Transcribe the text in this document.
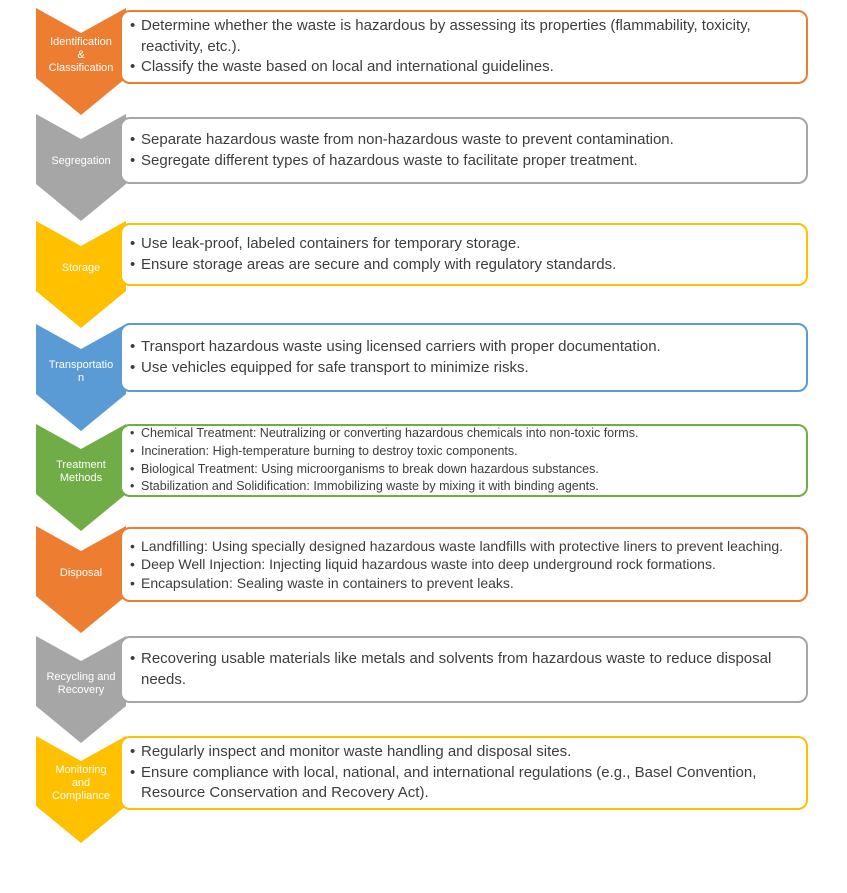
• Determine whether the waste is hazardous by assessing its properties (flammability, toxicity, reactivity, etc.).
• Classify the waste based on local and international guidelines.
Identification & Classification
• Separate hazardous waste from non-hazardous waste to prevent contamination.
• Segregate different types of hazardous waste to facilitate proper treatment.
Segregation
• Use leak-proof, labeled containers for temporary storage.
• Ensure storage areas are secure and comply with regulatory standards.
Storage
• Transport hazardous waste using licensed carriers with proper documentation.
• Use vehicles equipped for safe transport to minimize risks.
Transportation
• Chemical Treatment: Neutralizing or converting hazardous chemicals into non-toxic forms.
• Incineration: High-temperature burning to destroy toxic components.
• Biological Treatment: Using microorganisms to break down hazardous substances.
• Stabilization and Solidification: Immobilizing waste by mixing it with binding agents.
Treatment Methods
• Landfilling: Using specially designed hazardous waste landfills with protective liners to prevent leaching.
• Deep Well Injection: Injecting liquid hazardous waste into deep underground rock formations.
• Encapsulation: Sealing waste in containers to prevent leaks.
Disposal
• Recovering usable materials like metals and solvents from hazardous waste to reduce disposal needs.
Recycling and Recovery
• Regularly inspect and monitor waste handling and disposal sites.
• Ensure compliance with local, national, and international regulations (e.g., Basel Convention, Resource Conservation and Recovery Act).
Monitoring and Compliance
